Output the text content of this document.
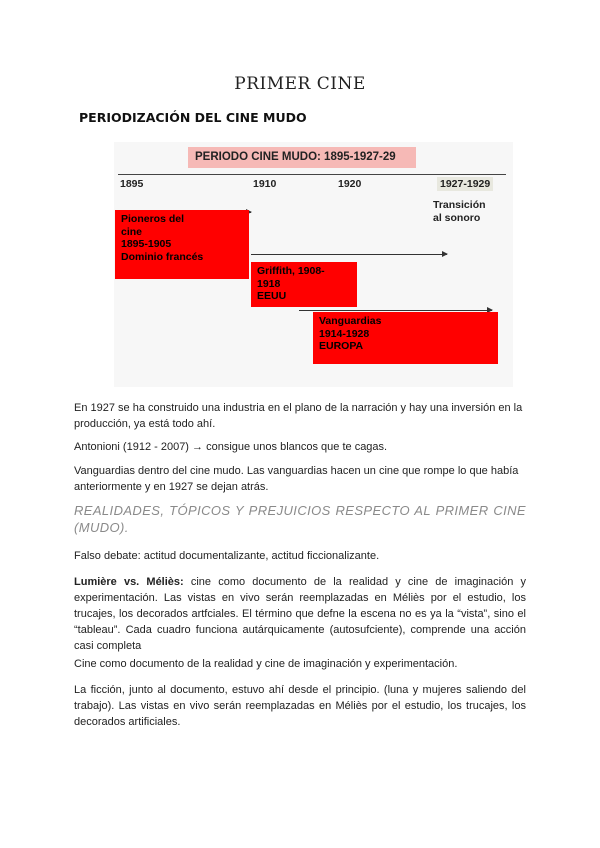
PRIMER CINE
PERIODIZACIÓN DEL CINE MUDO
PERIODO CINE MUDO: 1895-1927-29
1895	1910	1920	1927-1929
Transición
al sonoro
Pioneros del
cine
1895-1905
Dominio francés
Griffith, 1908-
1918
EEUU
Vanguardias
1914-1928
EUROPA

En 1927 se ha construido una industria en el plano de la narración y hay una inversión en la producción, ya está todo ahí.

Antonioni (1912 - 2007) → consigue unos blancos que te cagas.

Vanguardias dentro del cine mudo. Las vanguardias hacen un cine que rompe lo que había anteriormente y en 1927 se dejan atrás.

REALIDADES, TÓPICOS Y PREJUICIOS RESPECTO AL PRIMER CINE (MUDO).

Falso debate: actitud documentalizante, actitud ficcionalizante.

Lumière vs. Méliès: cine como documento de la realidad y cine de imaginación y experimentación. Las vistas en vivo serán reemplazadas en Méliès por el estudio, los trucajes, los decorados artfciales. El término que defne la escena no es ya la “vista”, sino el “tableau”. Cada cuadro funciona autárquicamente (autosufciente), comprende una acción casi completa

Cine como documento de la realidad y cine de imaginación y experimentación.

La ficción, junto al documento, estuvo ahí desde el principio. (luna y mujeres saliendo del trabajo). Las vistas en vivo serán reemplazadas en Méliès por el estudio, los trucajes, los decorados artificiales.
